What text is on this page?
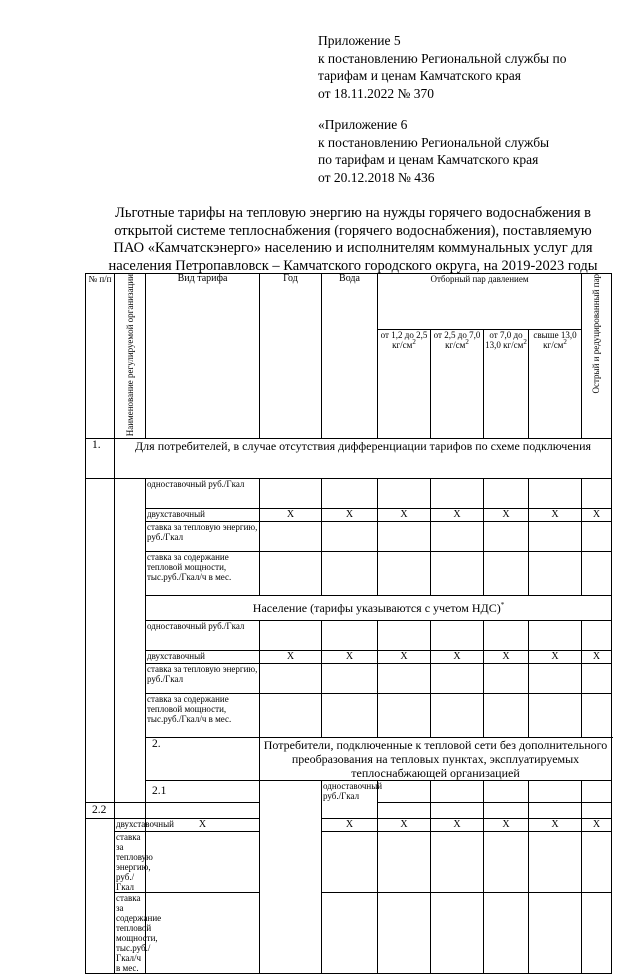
Приложение 5
к постановлению Региональной службы по
тарифам и ценам Камчатского края
от 18.11.2022 № 370
«Приложение 6
к постановлению Региональной службы
по тарифам и ценам Камчатского края
от 20.12.2018 № 436
Льготные тарифы на тепловую энергию на нужды горячего водоснабжения в
открытой системе теплоснабжения (горячего водоснабжения), поставляемую
ПАО «Камчатскэнерго» населению и исполнителям коммунальных услуг для
населения Петропавловск – Камчатского городского округа, на 2019-2023 годы
№ п/п	Наименование регулируемой организации	Вид тарифа	Год	Вода	Отборный пар давлением				Острый и редуцированный пар	
					от 1,2 до 2,5 $кг/см^2$	от 2,5 до 7,0 $кг/см^2$	от 7,0 до 13,0 $кг/см^2$	свыше 13,0 $кг/см^2$
1.	Для потребителей, в случае отсутствия дифференциации тарифов по схеме подключения									
		одноставочный руб./Гкал								
		двухставочный	X	X	X	X	X	X	X	
		ставка за тепловую энергию, руб./Гкал								
		ставка за содержание тепловой мощности, тыс.руб./Гкал/ч в мес.								
		Население (тарифы указываются с учетом НДС)*
		одноставочный руб./Гкал								
		двухставочный	X	X	X	X	X	X	X	
		ставка за тепловую энергию, руб./Гкал								
		ставка за содержание тепловой мощности, тыс.руб./Гкал/ч в мес.								
		2.	Потребители, подключенные к тепловой сети без дополнительного преобразования на тепловых пунктах, эксплуатируемых теплоснабжающей организацией							
		2.1		одноставочный руб./Гкал							
2.2										
	двухставочный	X		X	X	X	X	X	X	
	ставка за тепловую энергию, руб./Гкал									
	ставка за содержание тепловой мощности, тыс.руб./Гкал/ч в мес.									
